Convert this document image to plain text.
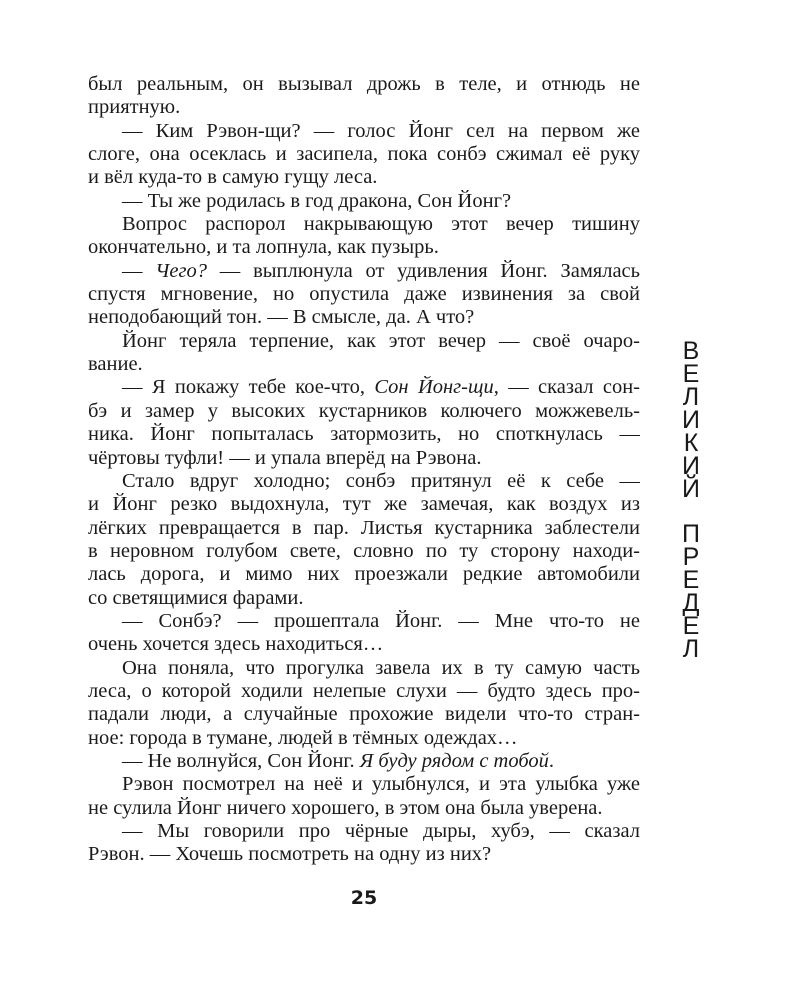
был реальным, он вызывал дрожь в теле, и отнюдь не
приятную.
— Ким Рэвон-щи? — голос Йонг сел на первом же
слоге, она осеклась и засипела, пока сонбэ сжимал её руку
и вёл куда-то в самую гущу леса.
— Ты же родилась в год дракона, Сон Йонг?
Вопрос распорол накрывающую этот вечер тишину
окончательно, и та лопнула, как пузырь.
— Чего? — выплюнула от удивления Йонг. Замялась
спустя мгновение, но опустила даже извинения за свой
неподобающий тон. — В смысле, да. А что?
Йонг теряла терпение, как этот вечер — своё очаро-
вание.
— Я покажу тебе кое-что, Сон Йонг-щи, — сказал сон-
бэ и замер у высоких кустарников колючего можжевель-
ника. Йонг попыталась затормозить, но споткнулась —
чёртовы туфли! — и упала вперёд на Рэвона.
Стало вдруг холодно; сонбэ притянул её к себе —
и Йонг резко выдохнула, тут же замечая, как воздух из
лёгких превращается в пар. Листья кустарника заблестели
в неровном голубом свете, словно по ту сторону находи-
лась дорога, и мимо них проезжали редкие автомобили
со светящимися фарами.
— Сонбэ? — прошептала Йонг. — Мне что-то не
очень хочется здесь находиться…
Она поняла, что прогулка завела их в ту самую часть
леса, о которой ходили нелепые слухи — будто здесь про-
падали люди, а случайные прохожие видели что-то стран-
ное: города в тумане, людей в тёмных одеждах…
— Не волнуйся, Сон Йонг. Я буду рядом с тобой.
Рэвон посмотрел на неё и улыбнулся, и эта улыбка уже
не сулила Йонг ничего хорошего, в этом она была уверена.
— Мы говорили про чёрные дыры, хубэ, — сказал
Рэвон. — Хочешь посмотреть на одну из них?
В
Е
Л
И
К
И
Й
П
Р
Е
Д
Е
Л
25
